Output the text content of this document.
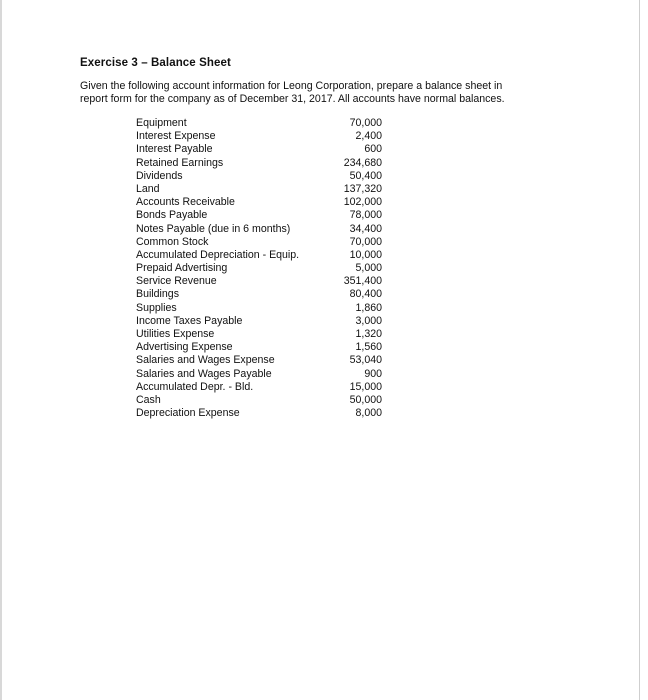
Exercise 3 – Balance Sheet
Given the following account information for Leong Corporation, prepare a balance sheet in
report form for the company as of December 31, 2017. All accounts have normal balances.
Equipment	70,000
Interest Expense	2,400
Interest Payable	600
Retained Earnings	234,680
Dividends	50,400
Land	137,320
Accounts Receivable	102,000
Bonds Payable	78,000
Notes Payable (due in 6 months)	34,400
Common Stock	70,000
Accumulated Depreciation - Equip.	10,000
Prepaid Advertising	5,000
Service Revenue	351,400
Buildings	80,400
Supplies	1,860
Income Taxes Payable	3,000
Utilities Expense	1,320
Advertising Expense	1,560
Salaries and Wages Expense	53,040
Salaries and Wages Payable	900
Accumulated Depr. - Bld.	15,000
Cash	50,000
Depreciation Expense	8,000
